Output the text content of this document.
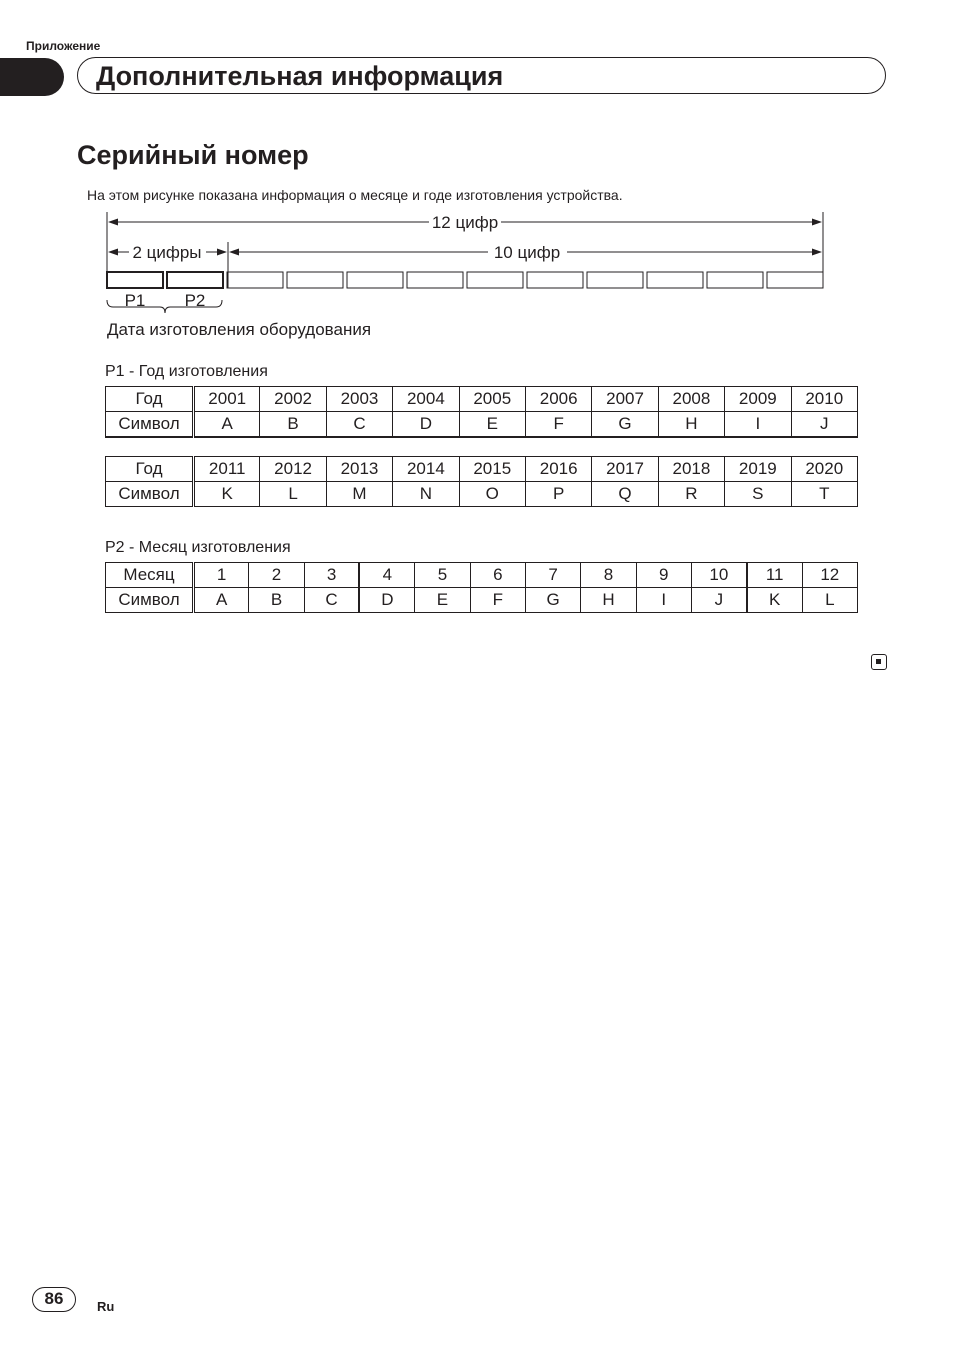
Приложение
Дополнительная информация
Серийный номер
На этом рисунке показана информация о месяце и годе изготовления устройства.
12 цифр
2 цифры	10 цифр
P1 P2
Дата изготовления оборудования
P1 - Год изготовления
Год	2001	2002	2003	2004	2005	2006	2007	2008	2009	2010
Символ	A	B	C	D	E	F	G	H	I	J
Год	2011	2012	2013	2014	2015	2016	2017	2018	2019	2020
Символ	K	L	M	N	O	P	Q	R	S	T
P2 - Месяц изготовления
Месяц	1	2	3	4	5	6	7	8	9	10	11	12
Символ	A	B	C	D	E	F	G	H	I	J	K	L
86	Ru
